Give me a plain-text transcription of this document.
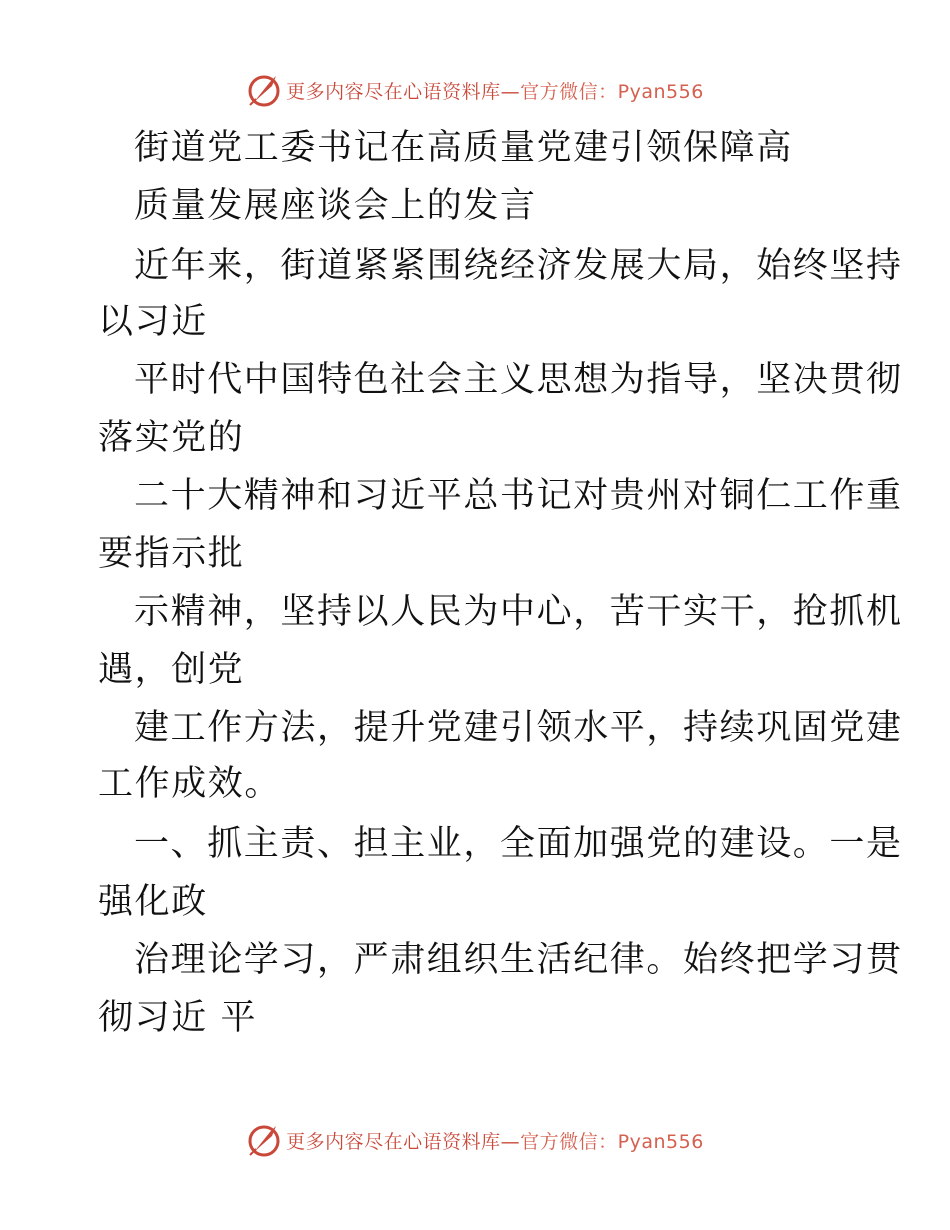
更多内容尽在心语资料库—官方微信：Pyan556
街道党工委书记在高质量党建引领保障高
质量发展座谈会上的发言
近年来，街道紧紧围绕经济发展大局，始终坚持
以习近
平时代中国特色社会主义思想为指导，坚决贯彻
落实党的
二十大精神和习近平总书记对贵州对铜仁工作重
要指示批
示精神，坚持以人民为中心，苦干实干，抢抓机
遇，创党
建工作方法，提升党建引领水平，持续巩固党建
工作成效。
一、抓主责、担主业，全面加强党的建设。一是
强化政
治理论学习，严肃组织生活纪律。始终把学习贯
彻习近 平
更多内容尽在心语资料库—官方微信：Pyan556
